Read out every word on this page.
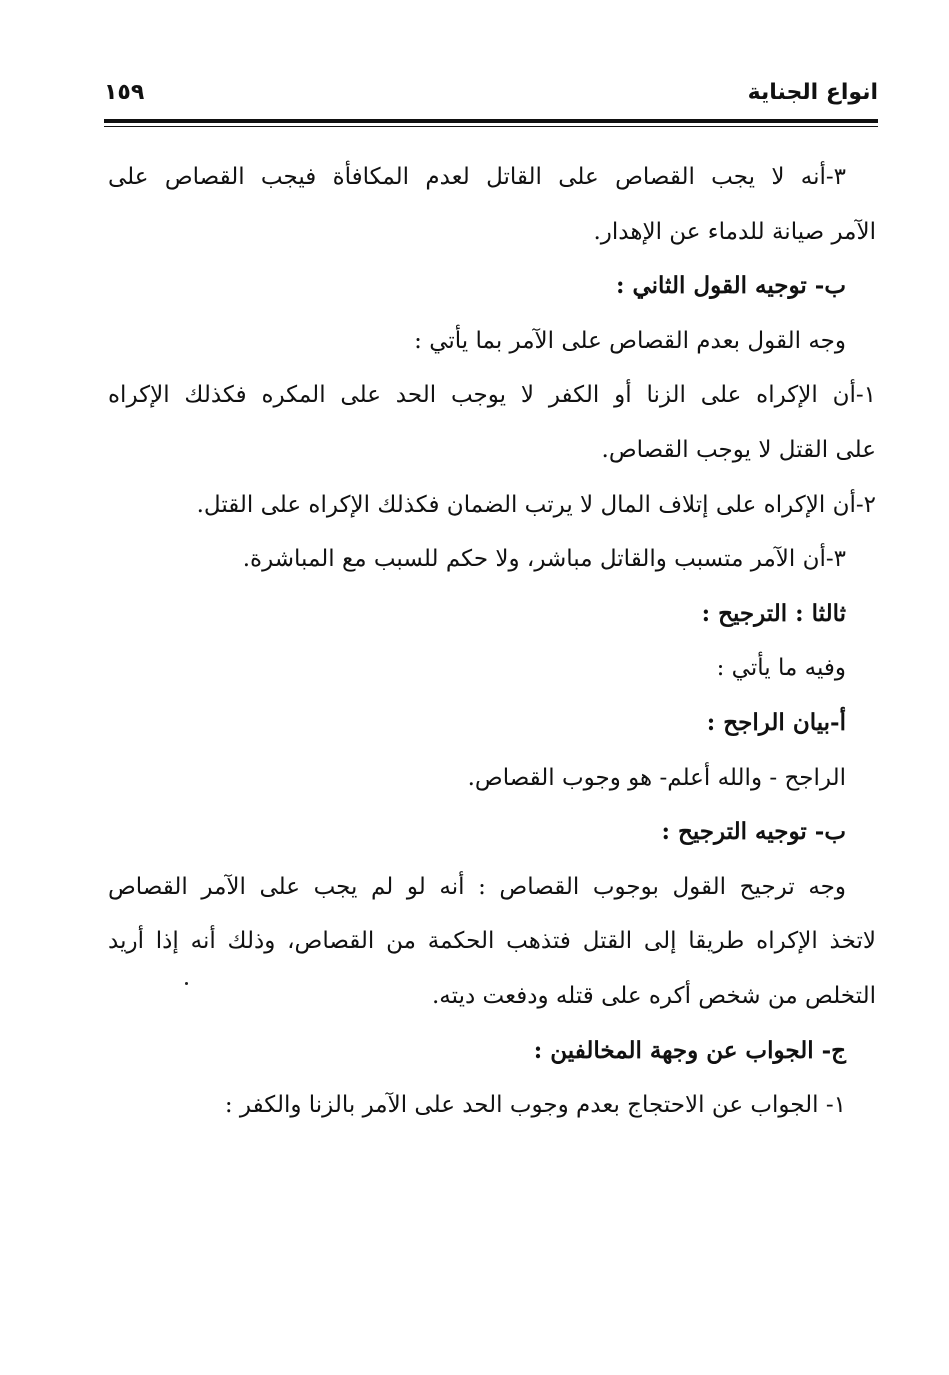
انواع الجناية
١٥٩
٣-أنه لا يجب القصاص على القاتل لعدم المكافأة فيجب القصاص على
الآمر صيانة للدماء عن الإهدار.
ب- توجيه القول الثاني :
وجه القول بعدم القصاص على الآمر بما يأتي :
١-أن الإكراه على الزنا أو الكفر لا يوجب الحد على المكره فكذلك الإكراه
على القتل لا يوجب القصاص.
٢-أن الإكراه على إتلاف المال لا يرتب الضمان فكذلك الإكراه على القتل.
٣-أن الآمر متسبب والقاتل مباشر، ولا حكم للسبب مع المباشرة.
ثالثا : الترجيح :
وفيه ما يأتي :
أ-بيان الراجح :
الراجح - والله أعلم- هو وجوب القصاص.
ب- توجيه الترجيح :
وجه ترجيح القول بوجوب القصاص : أنه لو لم يجب على الآمر القصاص
لاتخذ الإكراه طريقا إلى القتل فتذهب الحكمة من القصاص، وذلك أنه إذا أريد
التخلص من شخص أكره على قتله ودفعت ديته.
ج- الجواب عن وجهة المخالفين :
١- الجواب عن الاحتجاج بعدم وجوب الحد على الآمر بالزنا والكفر :
